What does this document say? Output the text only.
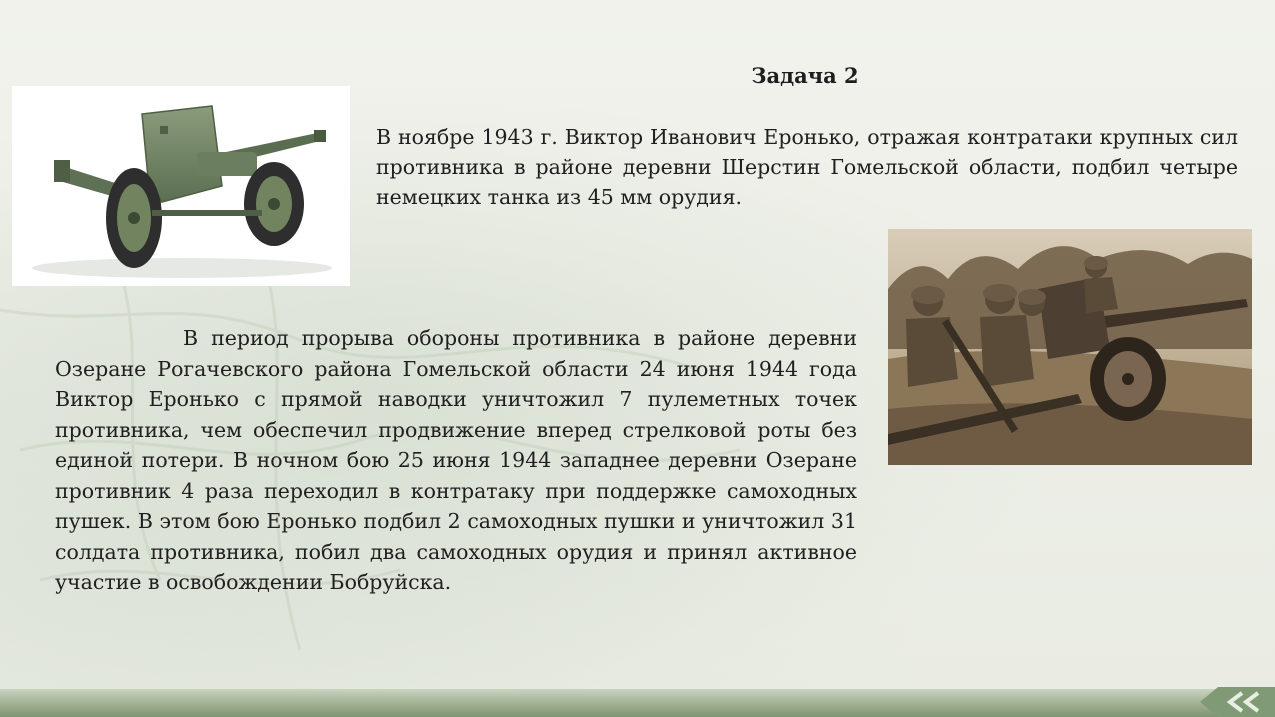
Задача 2
В ноябре 1943 г. Виктор Иванович Еронько, отражая контратаки крупных сил противника в районе деревни Шерстин Гомельской области, подбил четыре немецких танка из 45 мм орудия.
В период прорыва обороны противника в районе деревни Озеране Рогачевского района Гомельской области 24 июня 1944 года Виктор Еронько с прямой наводки уничтожил 7 пулеметных точек противника, чем обеспечил продвижение вперед стрелковой роты без единой потери. В ночном бою 25 июня 1944 западнее деревни Озеране противник 4 раза переходил в контратаку при поддержке самоходных пушек. В этом бою Еронько подбил 2 самоходных пушки и уничтожил 31 солдата противника, побил два самоходных орудия и принял активное участие в освобождении Бобруйска.
